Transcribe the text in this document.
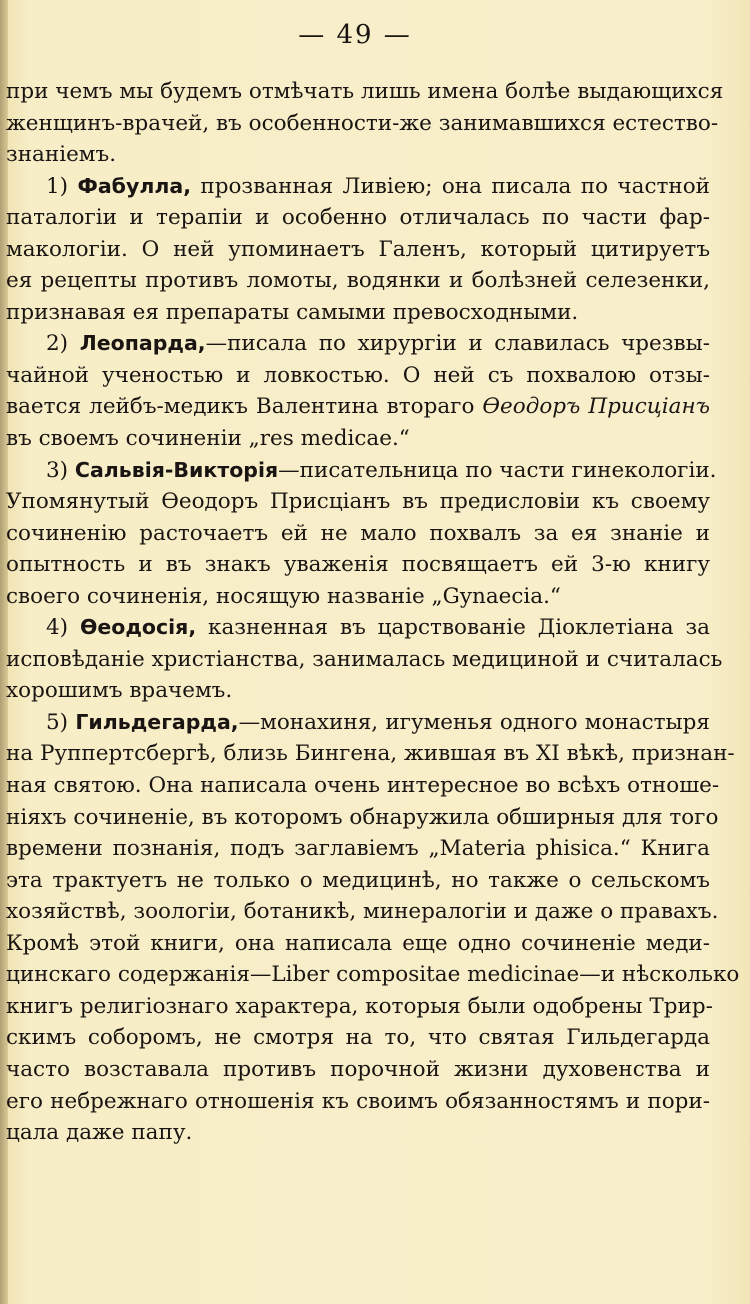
— 49 —
при чемъ мы будемъ отмѣчать лишь имена болѣе выдающихся
женщинъ-врачей, въ особенности-же занимавшихся естество-
знаніемъ.
1) Фабулла, прозванная Ливіею; она писала по частной
паталогіи и терапіи и особенно отличалась по части фар-
макологіи. О ней упоминаетъ Галенъ, который цитируетъ
ея рецепты противъ ломоты, водянки и болѣзней селезенки,
признавая ея препараты самыми превосходными.
2) Леопарда,—писала по хирургіи и славилась чрезвы-
чайной ученостью и ловкостью. О ней съ похвалою отзы-
вается лейбъ-медикъ Валентина втораго Ѳеодоръ Присціанъ
въ своемъ сочиненіи „res medicae.“
3) Сальвія-Викторія—писательница по части гинекологіи.
Упомянутый Ѳеодоръ Присціанъ въ предисловіи къ своему
сочиненію расточаетъ ей не мало похвалъ за ея знаніе и
опытность и въ знакъ уваженія посвящаетъ ей 3-ю книгу
своего сочиненія, носящую названіе „Gynaecia.“
4) Ѳеодосія, казненная въ царствованіе Діоклетіана за
исповѣданіе христіанства, занималась медициной и считалась
хорошимъ врачемъ.
5) Гильдегарда,—монахиня, игуменья одного монастыря
на Руппертсбергѣ, близь Бингена, жившая въ XI вѣкѣ, признан-
ная святою. Она написала очень интересное во всѣхъ отноше-
ніяхъ сочиненіе, въ которомъ обнаружила обширныя для того
времени познанія, подъ заглавіемъ „Materia phisica.“ Книга
эта трактуетъ не только о медицинѣ, но также о сельскомъ
хозяйствѣ, зоологіи, ботаникѣ, минералогіи и даже о правахъ.
Кромѣ этой книги, она написала еще одно сочиненіе меди-
цинскаго содержанія—Liber compositae medicinae—и нѣсколько
книгъ религіознаго характера, которыя были одобрены Трир-
скимъ соборомъ, не смотря на то, что святая Гильдегарда
часто возставала противъ порочной жизни духовенства и
его небрежнаго отношенія къ своимъ обязанностямъ и пори-
цала даже папу.
